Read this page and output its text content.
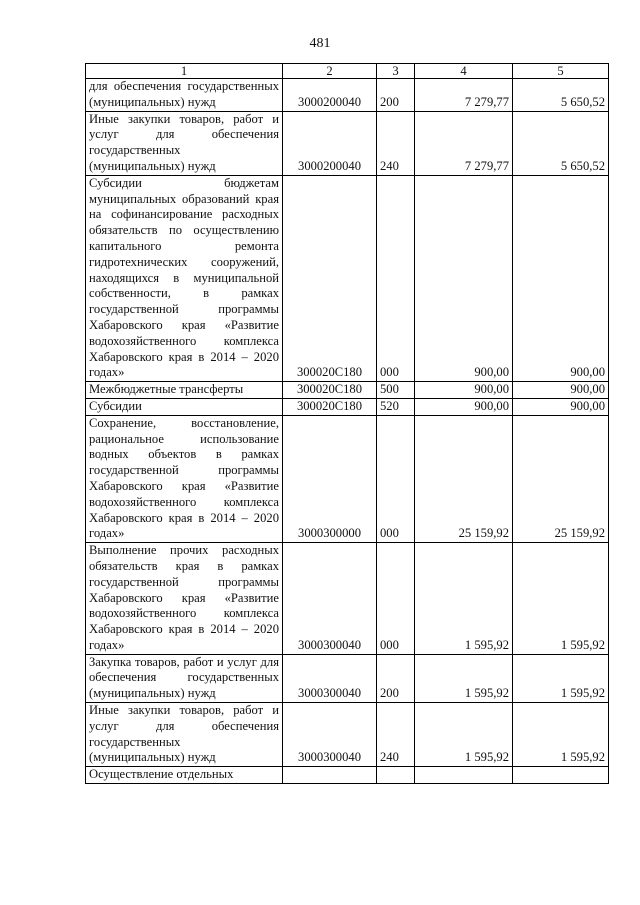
481
1	2	3	4	5
для обеспечения государственных (муниципальных) нужд	3000200040	200	7 279,77	5 650,52
Иные закупки товаров, работ и услуг для обеспечения государственных (муниципальных) нужд	3000200040	240	7 279,77	5 650,52
Субсидии бюджетам муниципальных образований края на софинансирование расходных обязательств по осуществлению капитального ремонта гидротехнических сооружений, находящихся в муниципальной собственности, в рамках государственной программы Хабаровского края «Развитие водохозяйственного комплекса Хабаровского края в 2014 – 2020 годах»	300020С180	000	900,00	900,00
Межбюджетные трансферты	300020С180	500	900,00	900,00
Субсидии	300020С180	520	900,00	900,00
Сохранение, восстановление, рациональное использование водных объектов в рамках государственной программы Хабаровского края «Развитие водохозяйственного комплекса Хабаровского края в 2014 – 2020 годах»	3000300000	000	25 159,92	25 159,92
Выполнение прочих расходных обязательств края в рамках государственной программы Хабаровского края «Развитие водохозяйственного комплекса Хабаровского края в 2014 – 2020 годах»	3000300040	000	1 595,92	1 595,92
Закупка товаров, работ и услуг для обеспечения государственных (муниципальных) нужд	3000300040	200	1 595,92	1 595,92
Иные закупки товаров, работ и услуг для обеспечения государственных (муниципальных) нужд	3000300040	240	1 595,92	1 595,92
Осуществление отдельных				
